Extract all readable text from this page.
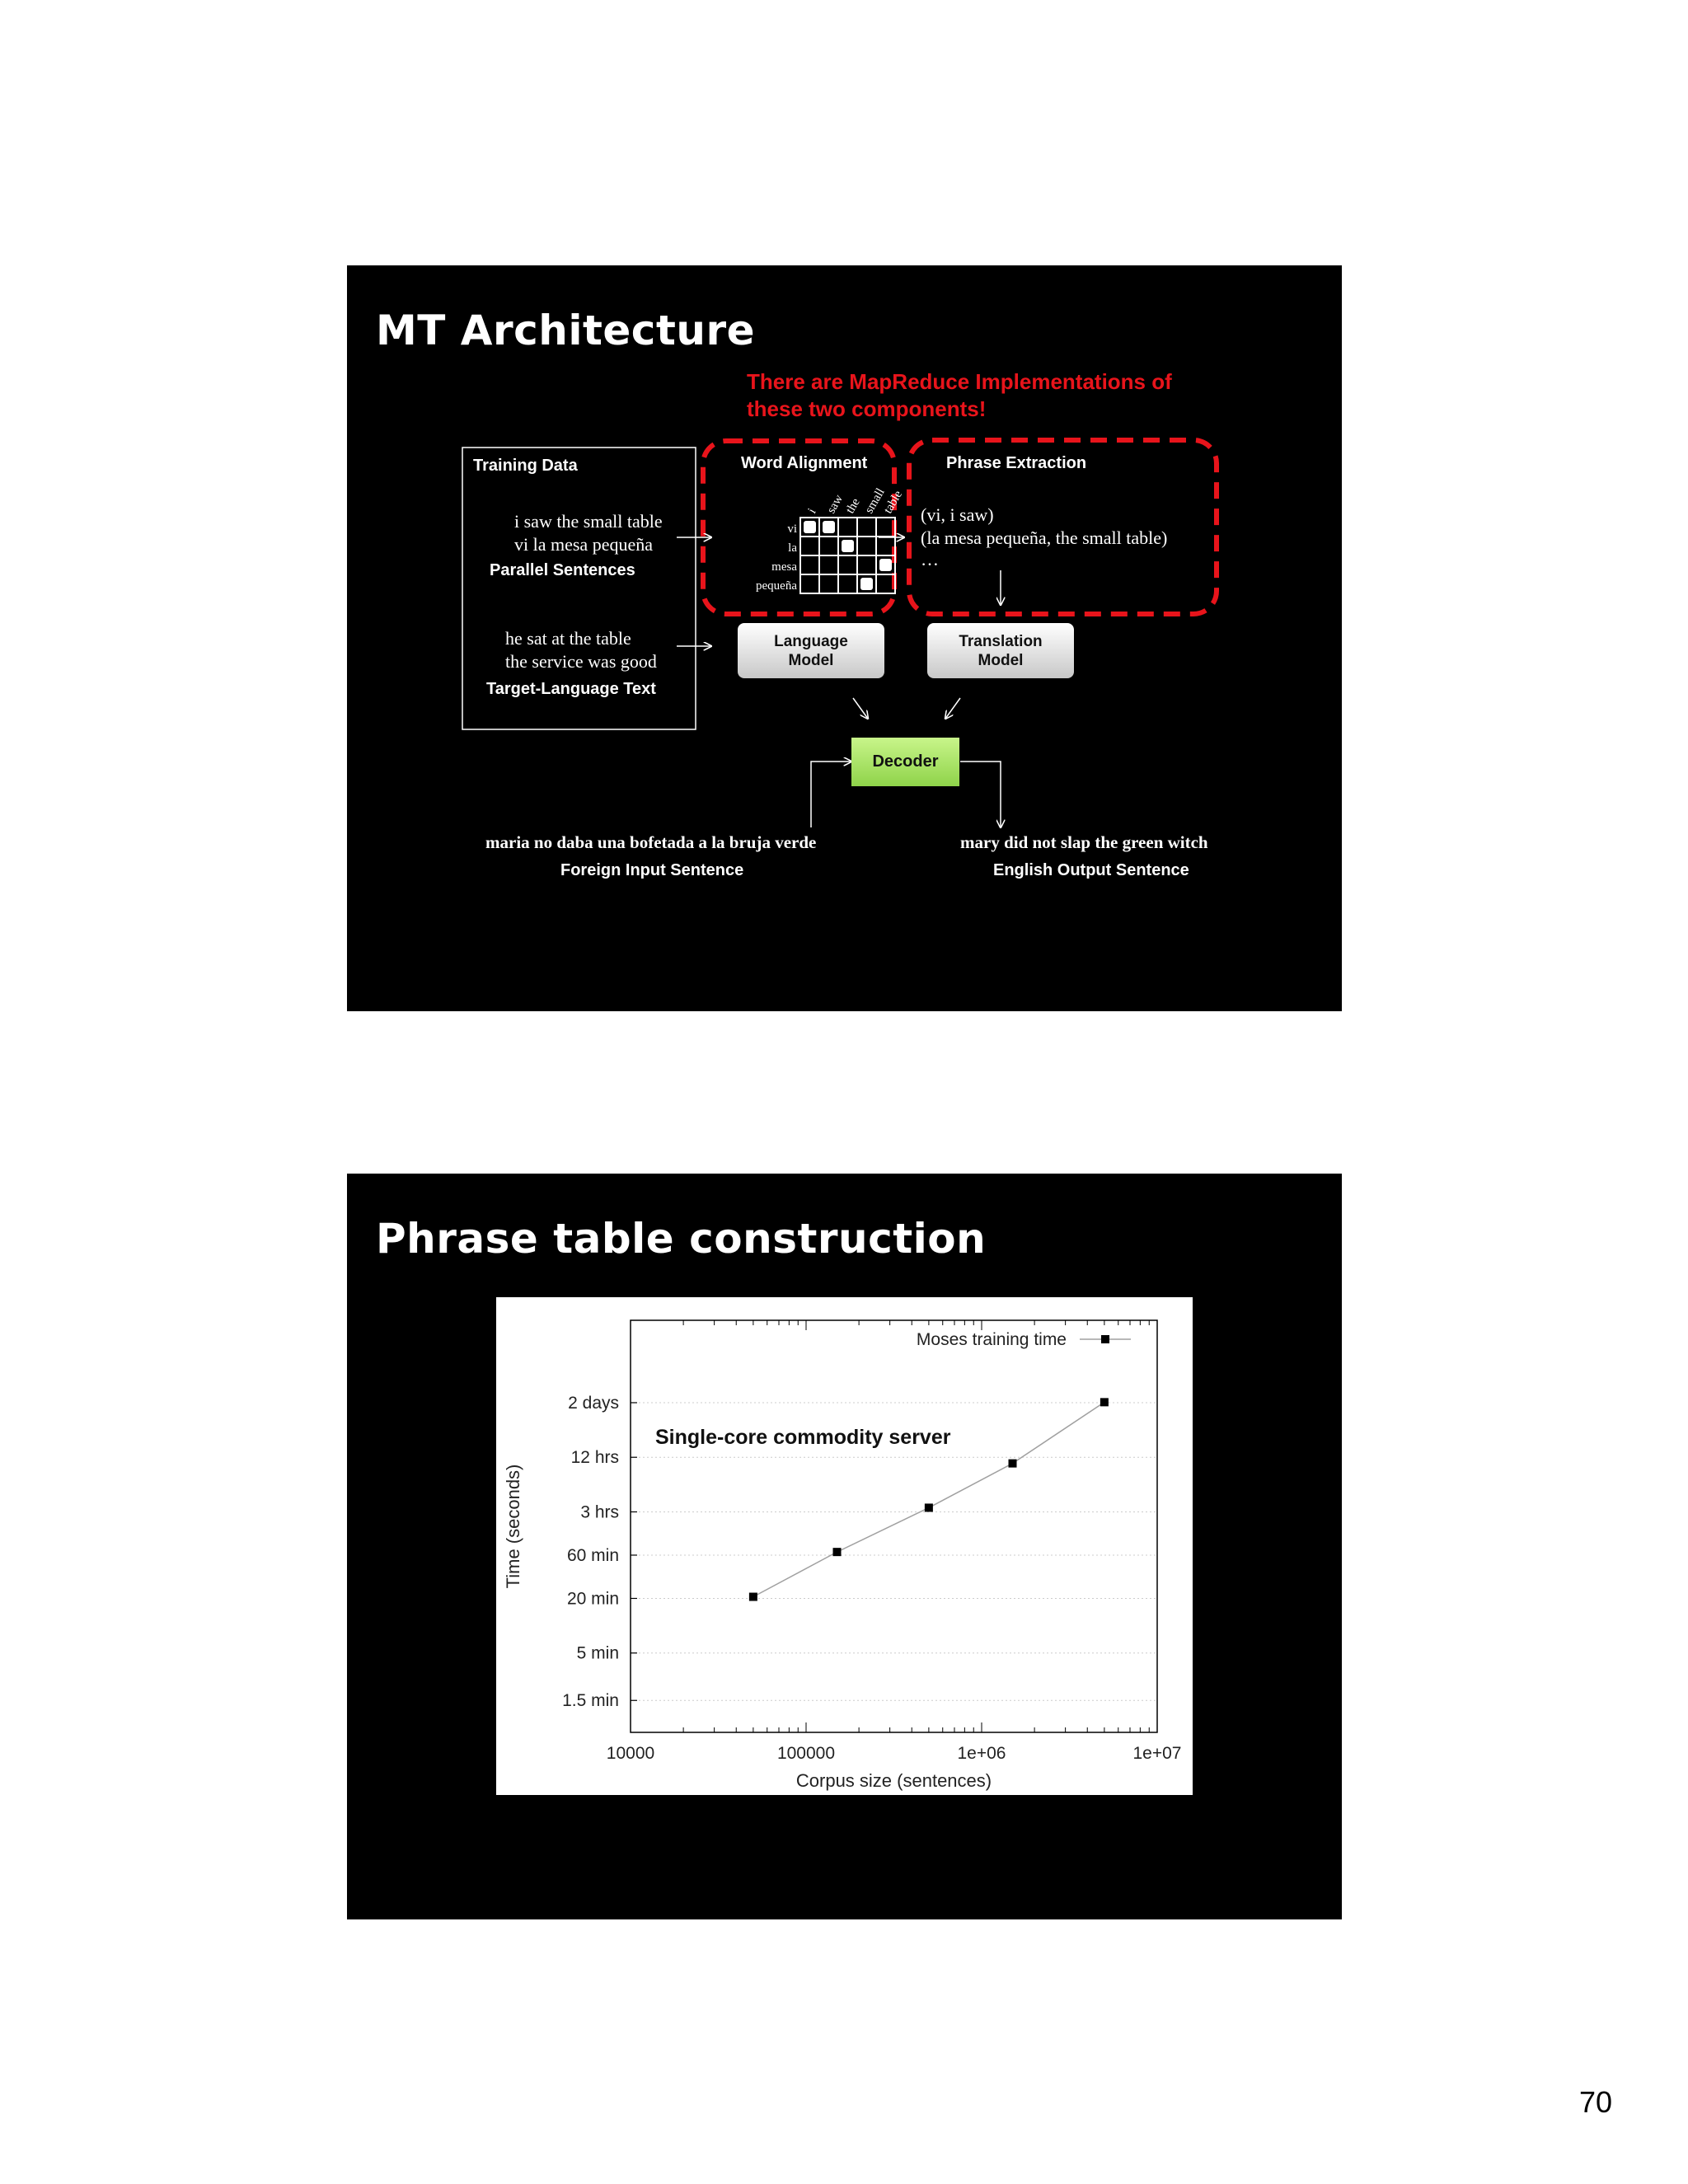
MT Architecture
There are MapReduce Implementations of
these two components!
Training Data
i saw the small table
vi la mesa pequeña
Parallel Sentences
he sat at the table
the service was good
Target-Language Text
Word Alignment
i saw
the small
table
vi
la
mesa
pequeña
Phrase Extraction
(vi, i saw)
(la mesa pequeña, the small table)
…
Language
Model
Translation
Model
Decoder
maria no daba una bofetada a la bruja verde
Foreign Input Sentence
mary did not slap the green witch
English Output Sentence
Phrase table construction
1.5 min
5 min
20 min
60 min
3 hrs
12 hrs
2 days
10000	100000	1e+06	1e+07
Corpus size (sentences)
Time (seconds)
Moses training time
Single-core commodity server
70
